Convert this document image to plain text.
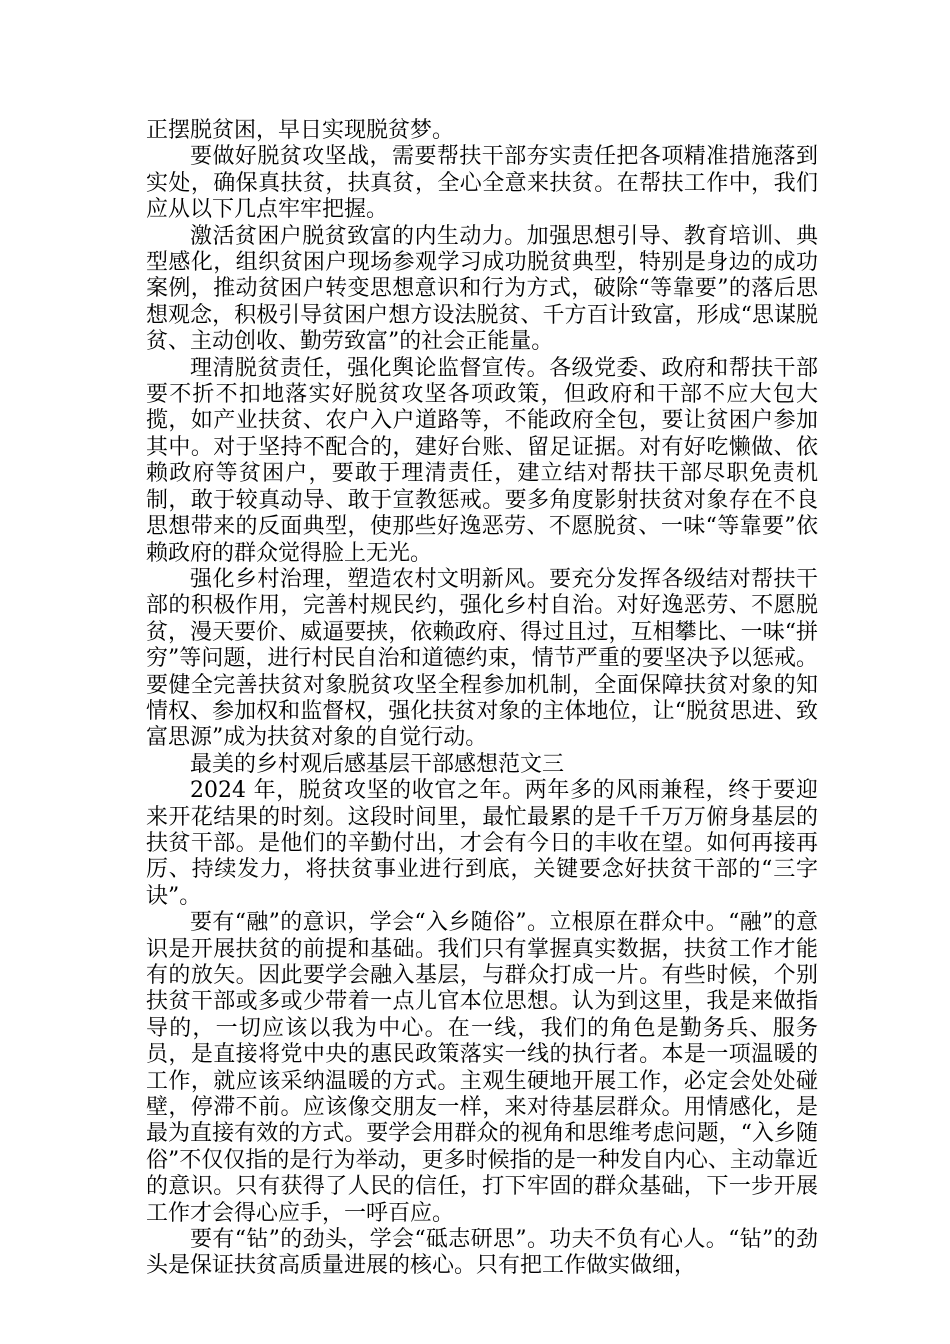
正摆脱贫困，早日实现脱贫梦。

要做好脱贫攻坚战，需要帮扶干部夯实责任把各项精准措施落到实处，确保真扶贫，扶真贫，全心全意来扶贫。在帮扶工作中，我们应从以下几点牢牢把握。

激活贫困户脱贫致富的内生动力。加强思想引导、教育培训、典型感化，组织贫困户现场参观学习成功脱贫典型，特别是身边的成功案例，推动贫困户转变思想意识和行为方式，破除“等靠要”的落后思想观念，积极引导贫困户想方设法脱贫、千方百计致富，形成“思谋脱贫、主动创收、勤劳致富”的社会正能量。

理清脱贫责任，强化舆论监督宣传。各级党委、政府和帮扶干部要不折不扣地落实好脱贫攻坚各项政策，但政府和干部不应大包大揽，如产业扶贫、农户入户道路等，不能政府全包，要让贫困户参加其中。对于坚持不配合的，建好台账、留足证据。对有好吃懒做、依赖政府等贫困户，要敢于理清责任，建立结对帮扶干部尽职免责机制，敢于较真动导、敢于宣教惩戒。要多角度影射扶贫对象存在不良思想带来的反面典型，使那些好逸恶劳、不愿脱贫、一味“等靠要”依赖政府的群众觉得脸上无光。

强化乡村治理，塑造农村文明新风。要充分发挥各级结对帮扶干部的积极作用，完善村规民约，强化乡村自治。对好逸恶劳、不愿脱贫，漫天要价、威逼要挟，依赖政府、得过且过，互相攀比、一味“拼穷”等问题，进行村民自治和道德约束，情节严重的要坚决予以惩戒。要健全完善扶贫对象脱贫攻坚全程参加机制，全面保障扶贫对象的知情权、参加权和监督权，强化扶贫对象的主体地位，让“脱贫思进、致富思源”成为扶贫对象的自觉行动。

最美的乡村观后感基层干部感想范文三

2024 年，脱贫攻坚的收官之年。两年多的风雨兼程，终于要迎来开花结果的时刻。这段时间里，最忙最累的是千千万万俯身基层的扶贫干部。是他们的辛勤付出，才会有今日的丰收在望。如何再接再厉、持续发力，将扶贫事业进行到底，关键要念好扶贫干部的“三字诀”。

要有“融”的意识，学会“入乡随俗”。立根原在群众中。“融”的意识是开展扶贫的前提和基础。我们只有掌握真实数据，扶贫工作才能有的放矢。因此要学会融入基层，与群众打成一片。有些时候，个别扶贫干部或多或少带着一点儿官本位思想。认为到这里，我是来做指导的，一切应该以我为中心。在一线，我们的角色是勤务兵、服务员，是直接将党中央的惠民政策落实一线的执行者。本是一项温暖的工作，就应该采纳温暖的方式。主观生硬地开展工作，必定会处处碰壁，停滞不前。应该像交朋友一样，来对待基层群众。用情感化，是最为直接有效的方式。要学会用群众的视角和思维考虑问题，“入乡随俗”不仅仅指的是行为举动，更多时候指的是一种发自内心、主动靠近的意识。只有获得了人民的信任，打下牢固的群众基础，下一步开展工作才会得心应手，一呼百应。

要有“钻”的劲头，学会“砥志研思”。功夫不负有心人。“钻”的劲头是保证扶贫高质量进展的核心。只有把工作做实做细，
